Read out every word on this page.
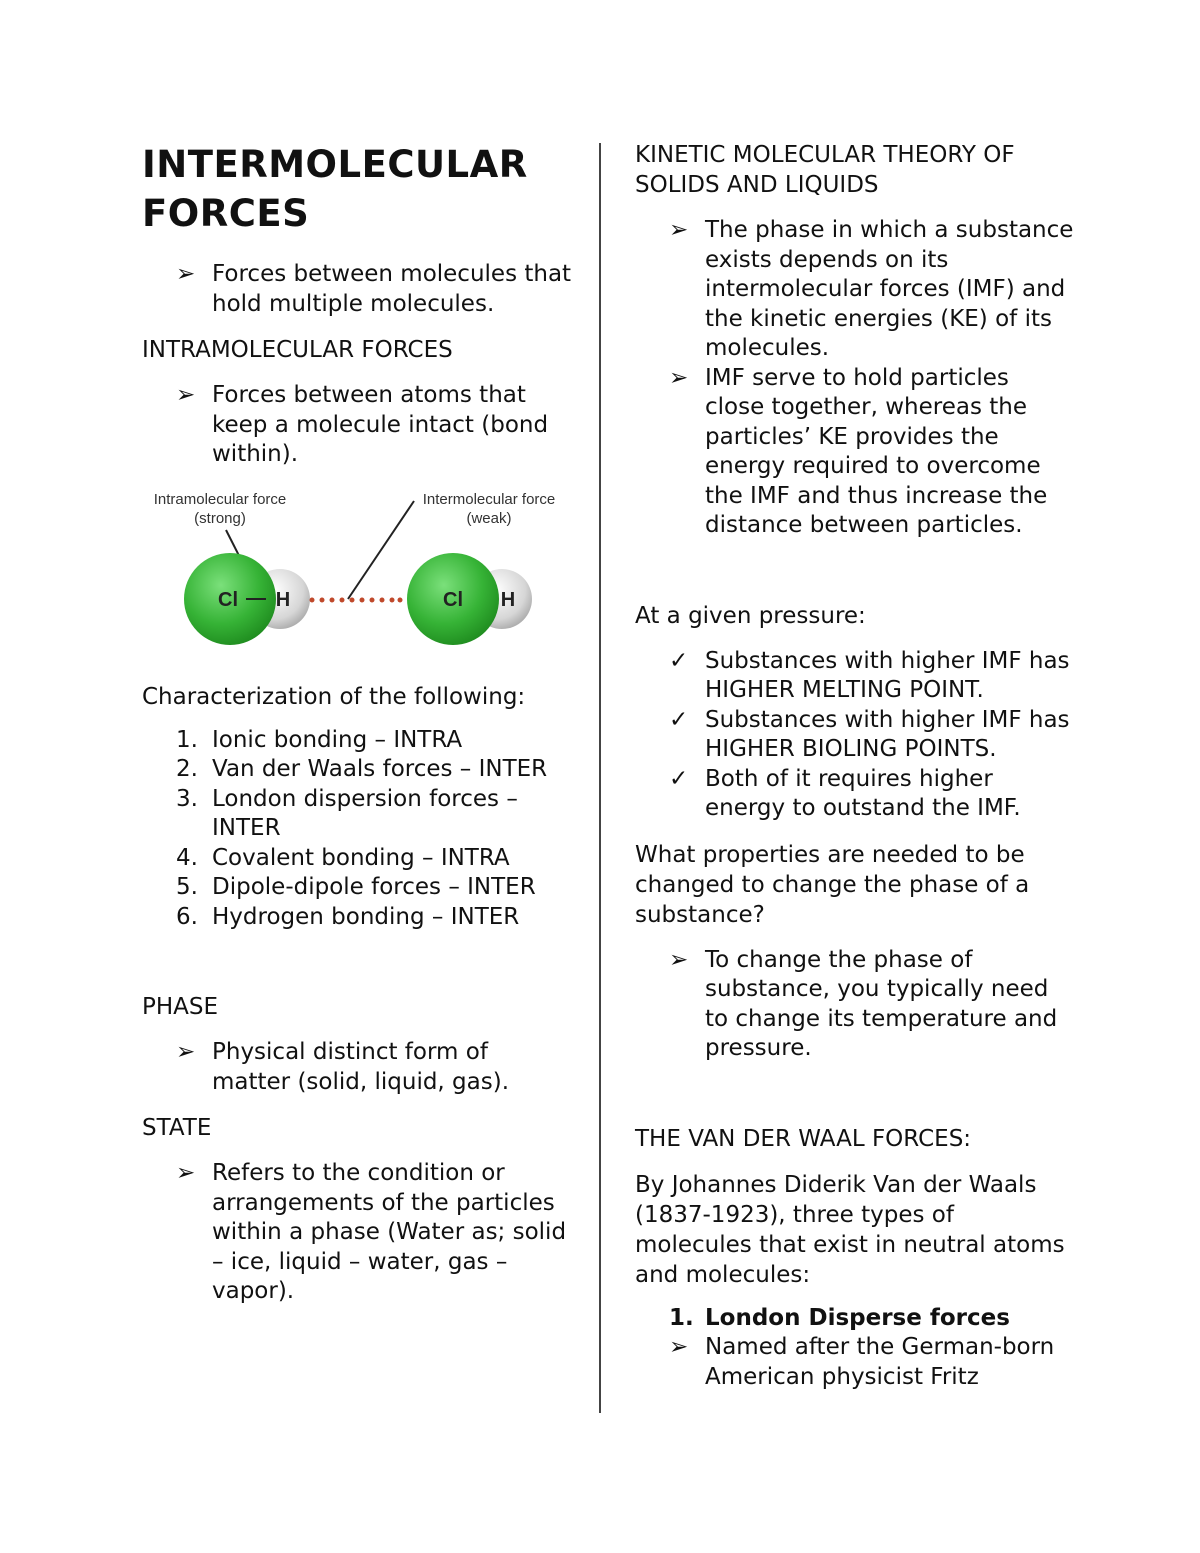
INTERMOLECULAR FORCES
➢ Forces between molecules that hold multiple molecules.

INTRAMOLECULAR FORCES

➢ Forces between atoms that keep a molecule intact (bond within).
Intramolecular force
(strong)
Intermolecular force
(weak)
Cl H	Cl H

Characterization of the following:

1. Ionic bonding – INTRA
2. Van der Waals forces – INTER
3. London dispersion forces – INTER
4. Covalent bonding – INTRA
5. Dipole-dipole forces – INTER
6. Hydrogen bonding – INTER

PHASE

➢ Physical distinct form of matter (solid, liquid, gas).

STATE

➢ Refers to the condition or arrangements of the particles within a phase (Water as; solid – ice, liquid – water, gas – vapor).

KINETIC MOLECULAR THEORY OF SOLIDS AND LIQUIDS

➢ The phase in which a substance exists depends on its intermolecular forces (IMF) and the kinetic energies (KE) of its molecules.
➢ IMF serve to hold particles close together, whereas the particles’ KE provides the energy required to overcome the IMF and thus increase the distance between particles.

At a given pressure:

✓ Substances with higher IMF has HIGHER MELTING POINT.
✓ Substances with higher IMF has HIGHER BIOLING POINTS.
✓ Both of it requires higher energy to outstand the IMF.

What properties are needed to be changed to change the phase of a substance?

➢ To change the phase of substance, you typically need to change its temperature and pressure.

THE VAN DER WAAL FORCES:

By Johannes Diderik Van der Waals (1837-1923), three types of molecules that exist in neutral atoms and molecules:

1. London Disperse forces
➢ Named after the German-born American physicist Fritz
